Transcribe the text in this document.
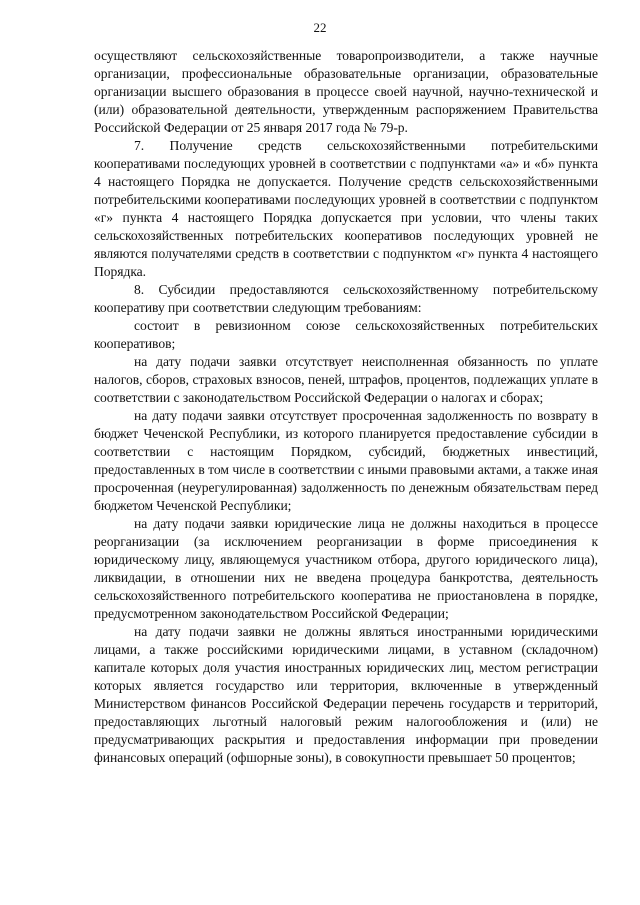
22

осуществляют сельскохозяйственные товаропроизводители, а также научные организации, профессиональные образовательные организации, образовательные организации высшего образования в процессе своей научной, научно-технической и (или) образовательной деятельности, утвержденным распоряжением Правительства Российской Федерации от 25 января 2017 года № 79-р.

7. Получение средств сельскохозяйственными потребительскими кооперативами последующих уровней в соответствии с подпунктами «а» и «б» пункта 4 настоящего Порядка не допускается. Получение средств сельскохозяйственными потребительскими кооперативами последующих уровней в соответствии с подпунктом «г» пункта 4 настоящего Порядка допускается при условии, что члены таких сельскохозяйственных потребительских кооперативов последующих уровней не являются получателями средств в соответствии с подпунктом «г» пункта 4 настоящего Порядка.

8. Субсидии предоставляются сельскохозяйственному потребительскому кооперативу при соответствии следующим требованиям:

состоит в ревизионном союзе сельскохозяйственных потребительских кооперативов;

на дату подачи заявки отсутствует неисполненная обязанность по уплате налогов, сборов, страховых взносов, пеней, штрафов, процентов, подлежащих уплате в соответствии с законодательством Российской Федерации о налогах и сборах;

на дату подачи заявки отсутствует просроченная задолженность по возврату в бюджет Чеченской Республики, из которого планируется предоставление субсидии в соответствии с настоящим Порядком, субсидий, бюджетных инвестиций, предоставленных в том числе в соответствии с иными правовыми актами, а также иная просроченная (неурегулированная) задолженность по денежным обязательствам перед бюджетом Чеченской Республики;

на дату подачи заявки юридические лица не должны находиться в процессе реорганизации (за исключением реорганизации в форме присоединения к юридическому лицу, являющемуся участником отбора, другого юридического лица), ликвидации, в отношении них не введена процедура банкротства, деятельность сельскохозяйственного потребительского кооператива не приостановлена в порядке, предусмотренном законодательством Российской Федерации;

на дату подачи заявки не должны являться иностранными юридическими лицами, а также российскими юридическими лицами, в уставном (складочном) капитале которых доля участия иностранных юридических лиц, местом регистрации которых является государство или территория, включенные в утвержденный Министерством финансов Российской Федерации перечень государств и территорий, предоставляющих льготный налоговый режим налогообложения и (или) не предусматривающих раскрытия и предоставления информации при проведении финансовых операций (офшорные зоны), в совокупности превышает 50 процентов;
